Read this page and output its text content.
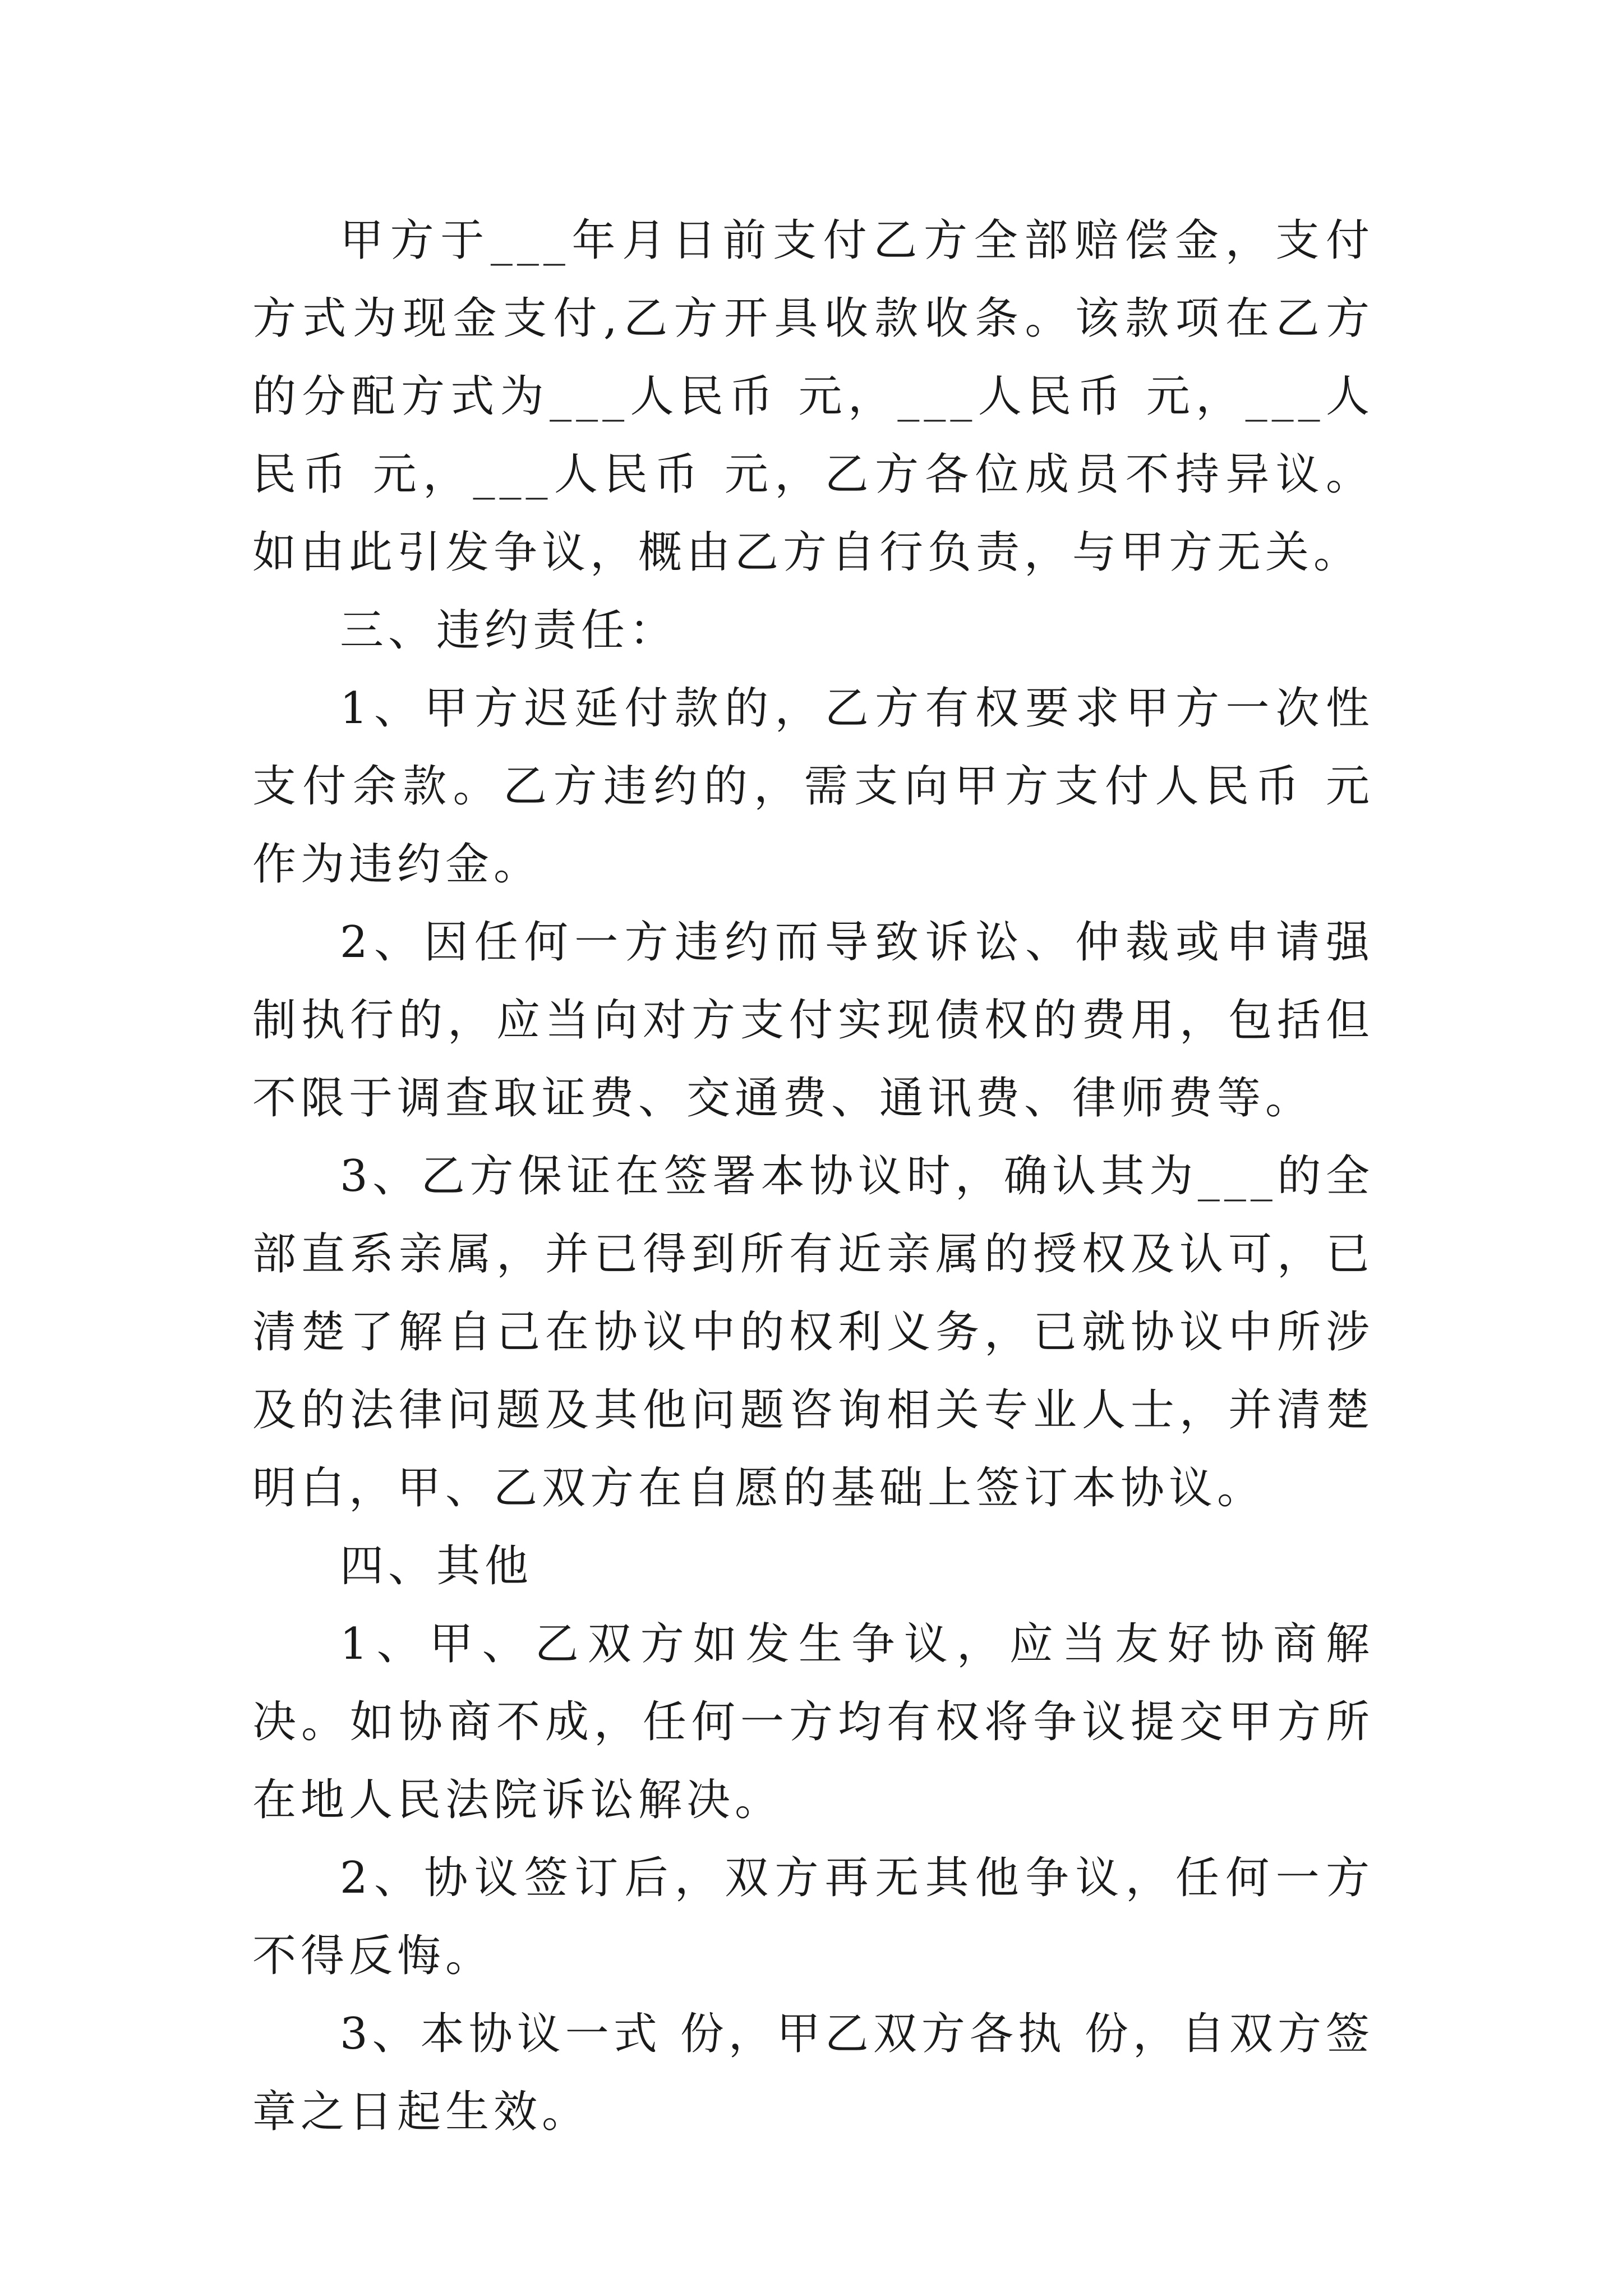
甲方于___年月日前支付乙方全部赔偿金，支付方式为现金支付,乙方开具收款收条。该款项在乙方的分配方式为___人民币 元，___人民币 元，___人民币 元，___人民币 元，乙方各位成员不持异议。如由此引发争议，概由乙方自行负责，与甲方无关。

三、违约责任：

1、甲方迟延付款的，乙方有权要求甲方一次性支付余款。乙方违约的，需支向甲方支付人民币 元作为违约金。

2、因任何一方违约而导致诉讼、仲裁或申请强制执行的，应当向对方支付实现债权的费用，包括但不限于调查取证费、交通费、通讯费、律师费等。

3、乙方保证在签署本协议时，确认其为___的全部直系亲属，并已得到所有近亲属的授权及认可，已清楚了解自己在协议中的权利义务，已就协议中所涉及的法律问题及其他问题咨询相关专业人士，并清楚明白，甲、乙双方在自愿的基础上签订本协议。

四、其他

1、甲、乙双方如发生争议，应当友好协商解决。如协商不成，任何一方均有权将争议提交甲方所在地人民法院诉讼解决。

2、协议签订后，双方再无其他争议，任何一方不得反悔。

3、本协议一式 份，甲乙双方各执 份，自双方签章之日起生效。
